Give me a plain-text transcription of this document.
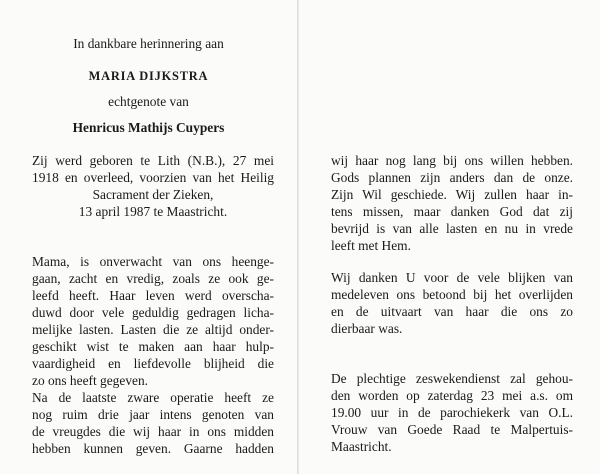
In dankbare herinnering aan
MARIA DIJKSTRA
echtgenote van
Henricus Mathijs Cuypers
Zij werd geboren te Lith (N.B.), 27 mei
1918 en overleed, voorzien van het Heilig
Sacrament der Zieken,
13 april 1987 te Maastricht.
Mama, is onverwacht van ons heenge-
gaan, zacht en vredig, zoals ze ook ge-
leefd heeft. Haar leven werd overscha-
duwd door vele geduldig gedragen licha-
melijke lasten. Lasten die ze altijd onder-
geschikt wist te maken aan haar hulp-
vaardigheid en liefdevolle blijheid die
zo ons heeft gegeven.
Na de laatste zware operatie heeft ze
nog ruim drie jaar intens genoten van
de vreugdes die wij haar in ons midden
hebben kunnen geven. Gaarne hadden
wij haar nog lang bij ons willen hebben.
Gods plannen zijn anders dan de onze.
Zijn Wil geschiede. Wij zullen haar in-
tens missen, maar danken God dat zij
bevrijd is van alle lasten en nu in vrede
leeft met Hem.
Wij danken U voor de vele blijken van
medeleven ons betoond bij het overlijden
en de uitvaart van haar die ons zo
dierbaar was.
De plechtige zeswekendienst zal gehou-
den worden op zaterdag 23 mei a.s. om
19.00 uur in de parochiekerk van O.L.
Vrouw van Goede Raad te Malpertuis-
Maastricht.
